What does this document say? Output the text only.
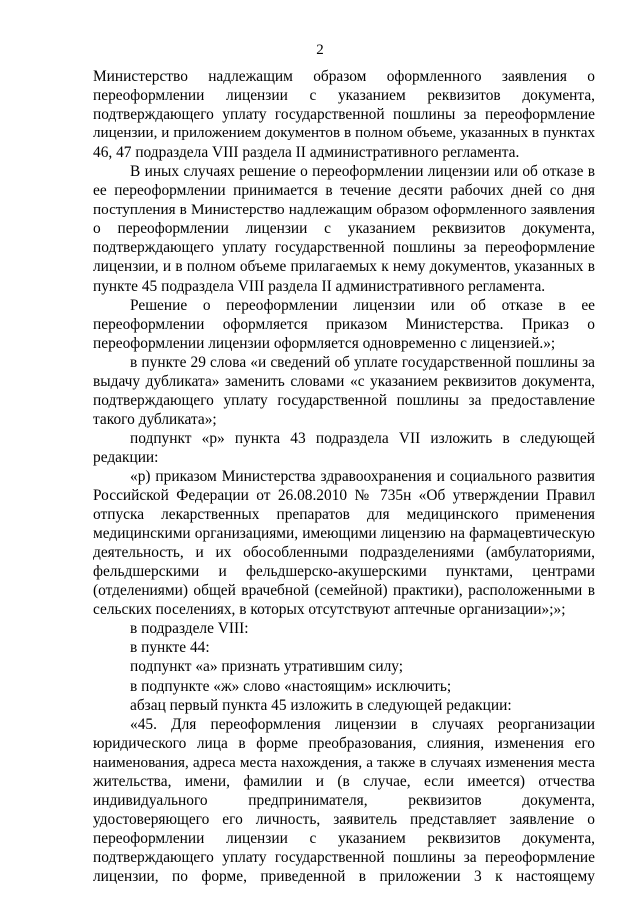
2
Министерство надлежащим образом оформленного заявления о
переоформлении лицензии с указанием реквизитов документа,
подтверждающего уплату государственной пошлины за переоформление
лицензии, и приложением документов в полном объеме, указанных в пунктах
46, 47 подраздела VIII раздела II административного регламента.
В иных случаях решение о переоформлении лицензии или об отказе в
ее переоформлении принимается в течение десяти рабочих дней со дня
поступления в Министерство надлежащим образом оформленного заявления
о переоформлении лицензии с указанием реквизитов документа,
подтверждающего уплату государственной пошлины за переоформление
лицензии, и в полном объеме прилагаемых к нему документов, указанных в
пункте 45 подраздела VIII раздела II административного регламента.
Решение о переоформлении лицензии или об отказе в ее
переоформлении оформляется приказом Министерства. Приказ о
переоформлении лицензии оформляется одновременно с лицензией.»;
в пункте 29 слова «и сведений об уплате государственной пошлины за
выдачу дубликата» заменить словами «с указанием реквизитов документа,
подтверждающего уплату государственной пошлины за предоставление
такого дубликата»;
подпункт «р» пункта 43 подраздела VII изложить в следующей
редакции:
«р) приказом Министерства здравоохранения и социального развития
Российской Федерации от 26.08.2010 № 735н «Об утверждении Правил
отпуска лекарственных препаратов для медицинского применения
медицинскими организациями, имеющими лицензию на фармацевтическую
деятельность, и их обособленными подразделениями (амбулаториями,
фельдшерскими и фельдшерско-акушерскими пунктами, центрами
(отделениями) общей врачебной (семейной) практики), расположенными в
сельских поселениях, в которых отсутствуют аптечные организации»;»;
в подразделе VIII:
в пункте 44:
подпункт «а» признать утратившим силу;
в подпункте «ж» слово «настоящим» исключить;
абзац первый пункта 45 изложить в следующей редакции:
«45. Для переоформления лицензии в случаях реорганизации
юридического лица в форме преобразования, слияния, изменения его
наименования, адреса места нахождения, а также в случаях изменения места
жительства, имени, фамилии и (в случае, если имеется) отчества
индивидуального предпринимателя, реквизитов документа,
удостоверяющего его личность, заявитель представляет заявление о
переоформлении лицензии с указанием реквизитов документа,
подтверждающего уплату государственной пошлины за переоформление
лицензии, по форме, приведенной в приложении 3 к настоящему
